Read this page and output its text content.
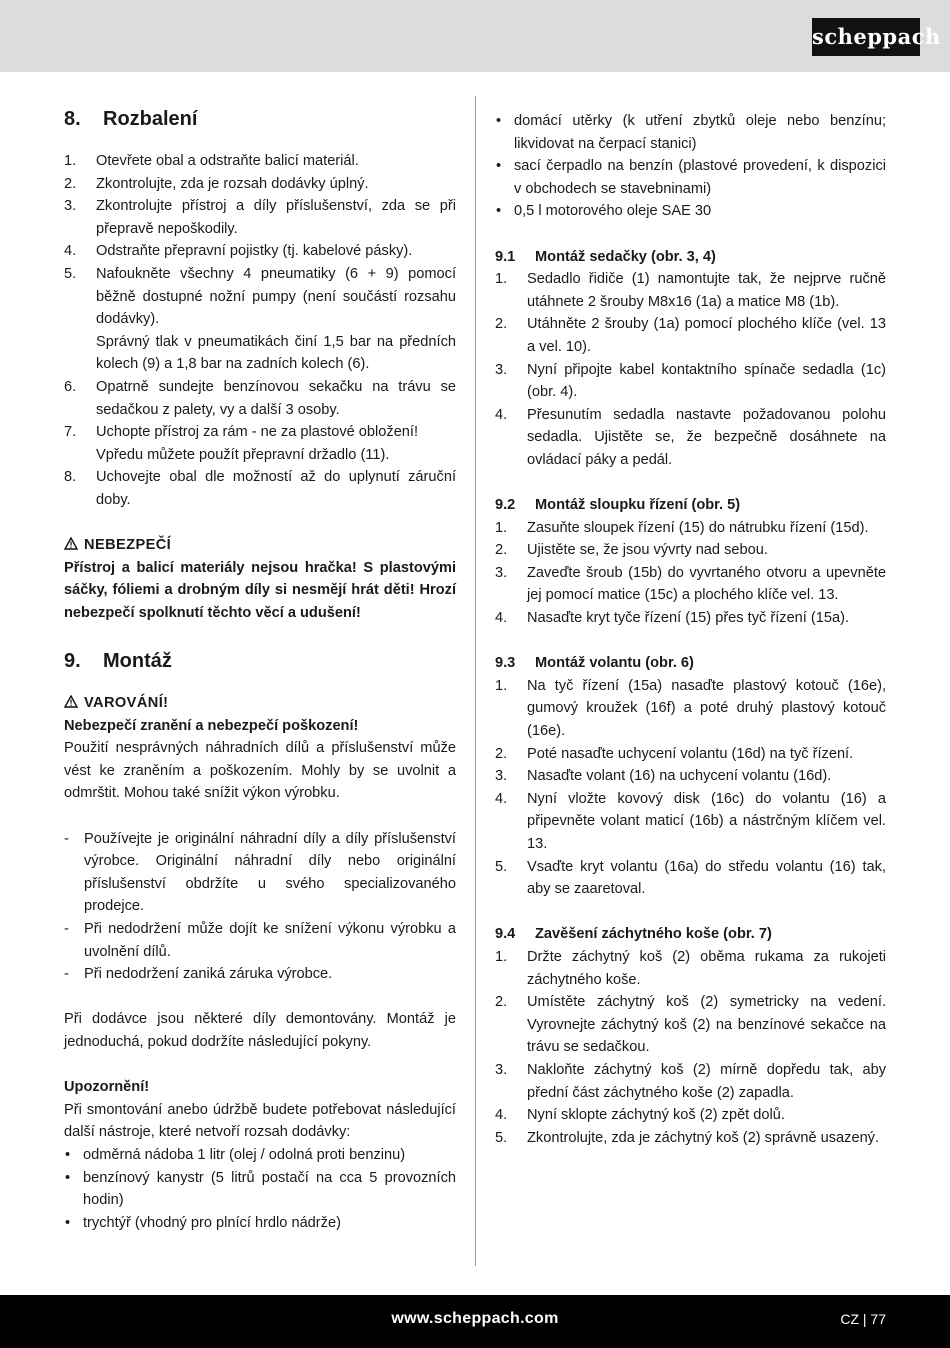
scheppach
8. Rozbalení
1. Otevřete obal a odstraňte balicí materiál.
2. Zkontrolujte, zda je rozsah dodávky úplný.
3. Zkontrolujte přístroj a díly příslušenství, zda se při přepravě nepoškodily.
4. Odstraňte přepravní pojistky (tj. kabelové pásky).
5. Nafoukněte všechny 4 pneumatiky (6 + 9) pomocí běžně dostupné nožní pumpy (není součástí rozsahu dodávky).
Správný tlak v pneumatikách činí 1,5 bar na předních kolech (9) a 1,8 bar na zadních kolech (6).
6. Opatrně sundejte benzínovou sekačku na trávu se sedačkou z palety, vy a další 3 osoby.
7. Uchopte přístroj za rám - ne za plastové obložení!
Vpředu můžete použít přepravní držadlo (11).
8. Uchovejte obal dle možností až do uplynutí záruční doby.
NEBEZPEČÍ

Přístroj a balicí materiály nejsou hračka! S plastovými sáčky, fóliemi a drobným díly si nesmějí hrát děti! Hrozí nebezpečí spolknutí těchto věcí a udušení!

9. Montáž
VAROVÁNÍ!

Nebezpečí zranění a nebezpečí poškození!

Použití nesprávných náhradních dílů a příslušenství může vést ke zraněním a poškozením. Mohly by se uvolnit a odmrštit. Mohou také snížit výkon výrobku.

- Používejte je originální náhradní díly a díly příslušenství výrobce. Originální náhradní díly nebo originální příslušenství obdržíte u svého specializovaného prodejce.
- Při nedodržení může dojít ke snížení výkonu výrobku a uvolnění dílů.
- Při nedodržení zaniká záruka výrobce.

Při dodávce jsou některé díly demontovány. Montáž je jednoduchá, pokud dodržíte následující pokyny.

Upozornění!

Při smontování anebo údržbě budete potřebovat následující další nástroje, které netvoří rozsah dodávky:

• odměrná nádoba 1 litr (olej / odolná proti benzinu)
• benzínový kanystr (5 litrů postačí na cca 5 provozních hodin)
• trychtýř (vhodný pro plnící hrdlo nádrže)
• domácí utěrky (k utření zbytků oleje nebo benzínu; likvidovat na čerpací stanici)
• sací čerpadlo na benzín (plastové provedení, k dispozici v obchodech se stavebninami)
• 0,5 l motorového oleje SAE 30
9.1 Montáž sedačky (obr. 3, 4)
1. Sedadlo řidiče (1) namontujte tak, že nejprve ručně utáhnete 2 šrouby M8x16 (1a) a matice M8 (1b).
2. Utáhněte 2 šrouby (1a) pomocí plochého klíče (vel. 13 a vel. 10).
3. Nyní připojte kabel kontaktního spínače sedadla (1c) (obr. 4).
4. Přesunutím sedadla nastavte požadovanou polohu sedadla. Ujistěte se, že bezpečně dosáhnete na ovládací páky a pedál.
9.2 Montáž sloupku řízení (obr. 5)
1. Zasuňte sloupek řízení (15) do nátrubku řízení (15d).
2. Ujistěte se, že jsou vývrty nad sebou.
3. Zaveďte šroub (15b) do vyvrtaného otvoru a upevněte jej pomocí matice (15c) a plochého klíče vel. 13.
4. Nasaďte kryt tyče řízení (15) přes tyč řízení (15a).
9.3 Montáž volantu (obr. 6)
1. Na tyč řízení (15a) nasaďte plastový kotouč (16e), gumový kroužek (16f) a poté druhý plastový kotouč (16e).
2. Poté nasaďte uchycení volantu (16d) na tyč řízení.
3. Nasaďte volant (16) na uchycení volantu (16d).
4. Nyní vložte kovový disk (16c) do volantu (16) a připevněte volant maticí (16b) a nástrčným klíčem vel. 13.
5. Vsaďte kryt volantu (16a) do středu volantu (16) tak, aby se zaaretoval.
9.4 Zavěšení záchytného koše (obr. 7)
1. Držte záchytný koš (2) oběma rukama za rukojeti záchytného koše.
2. Umístěte záchytný koš (2) symetricky na vedení. Vyrovnejte záchytný koš (2) na benzínové sekačce na trávu se sedačkou.
3. Nakloňte záchytný koš (2) mírně dopředu tak, aby přední část záchytného koše (2) zapadla.
4. Nyní sklopte záchytný koš (2) zpět dolů.
5. Zkontrolujte, zda je záchytný koš (2) správně usazený.
www.scheppach.com	CZ | 77
